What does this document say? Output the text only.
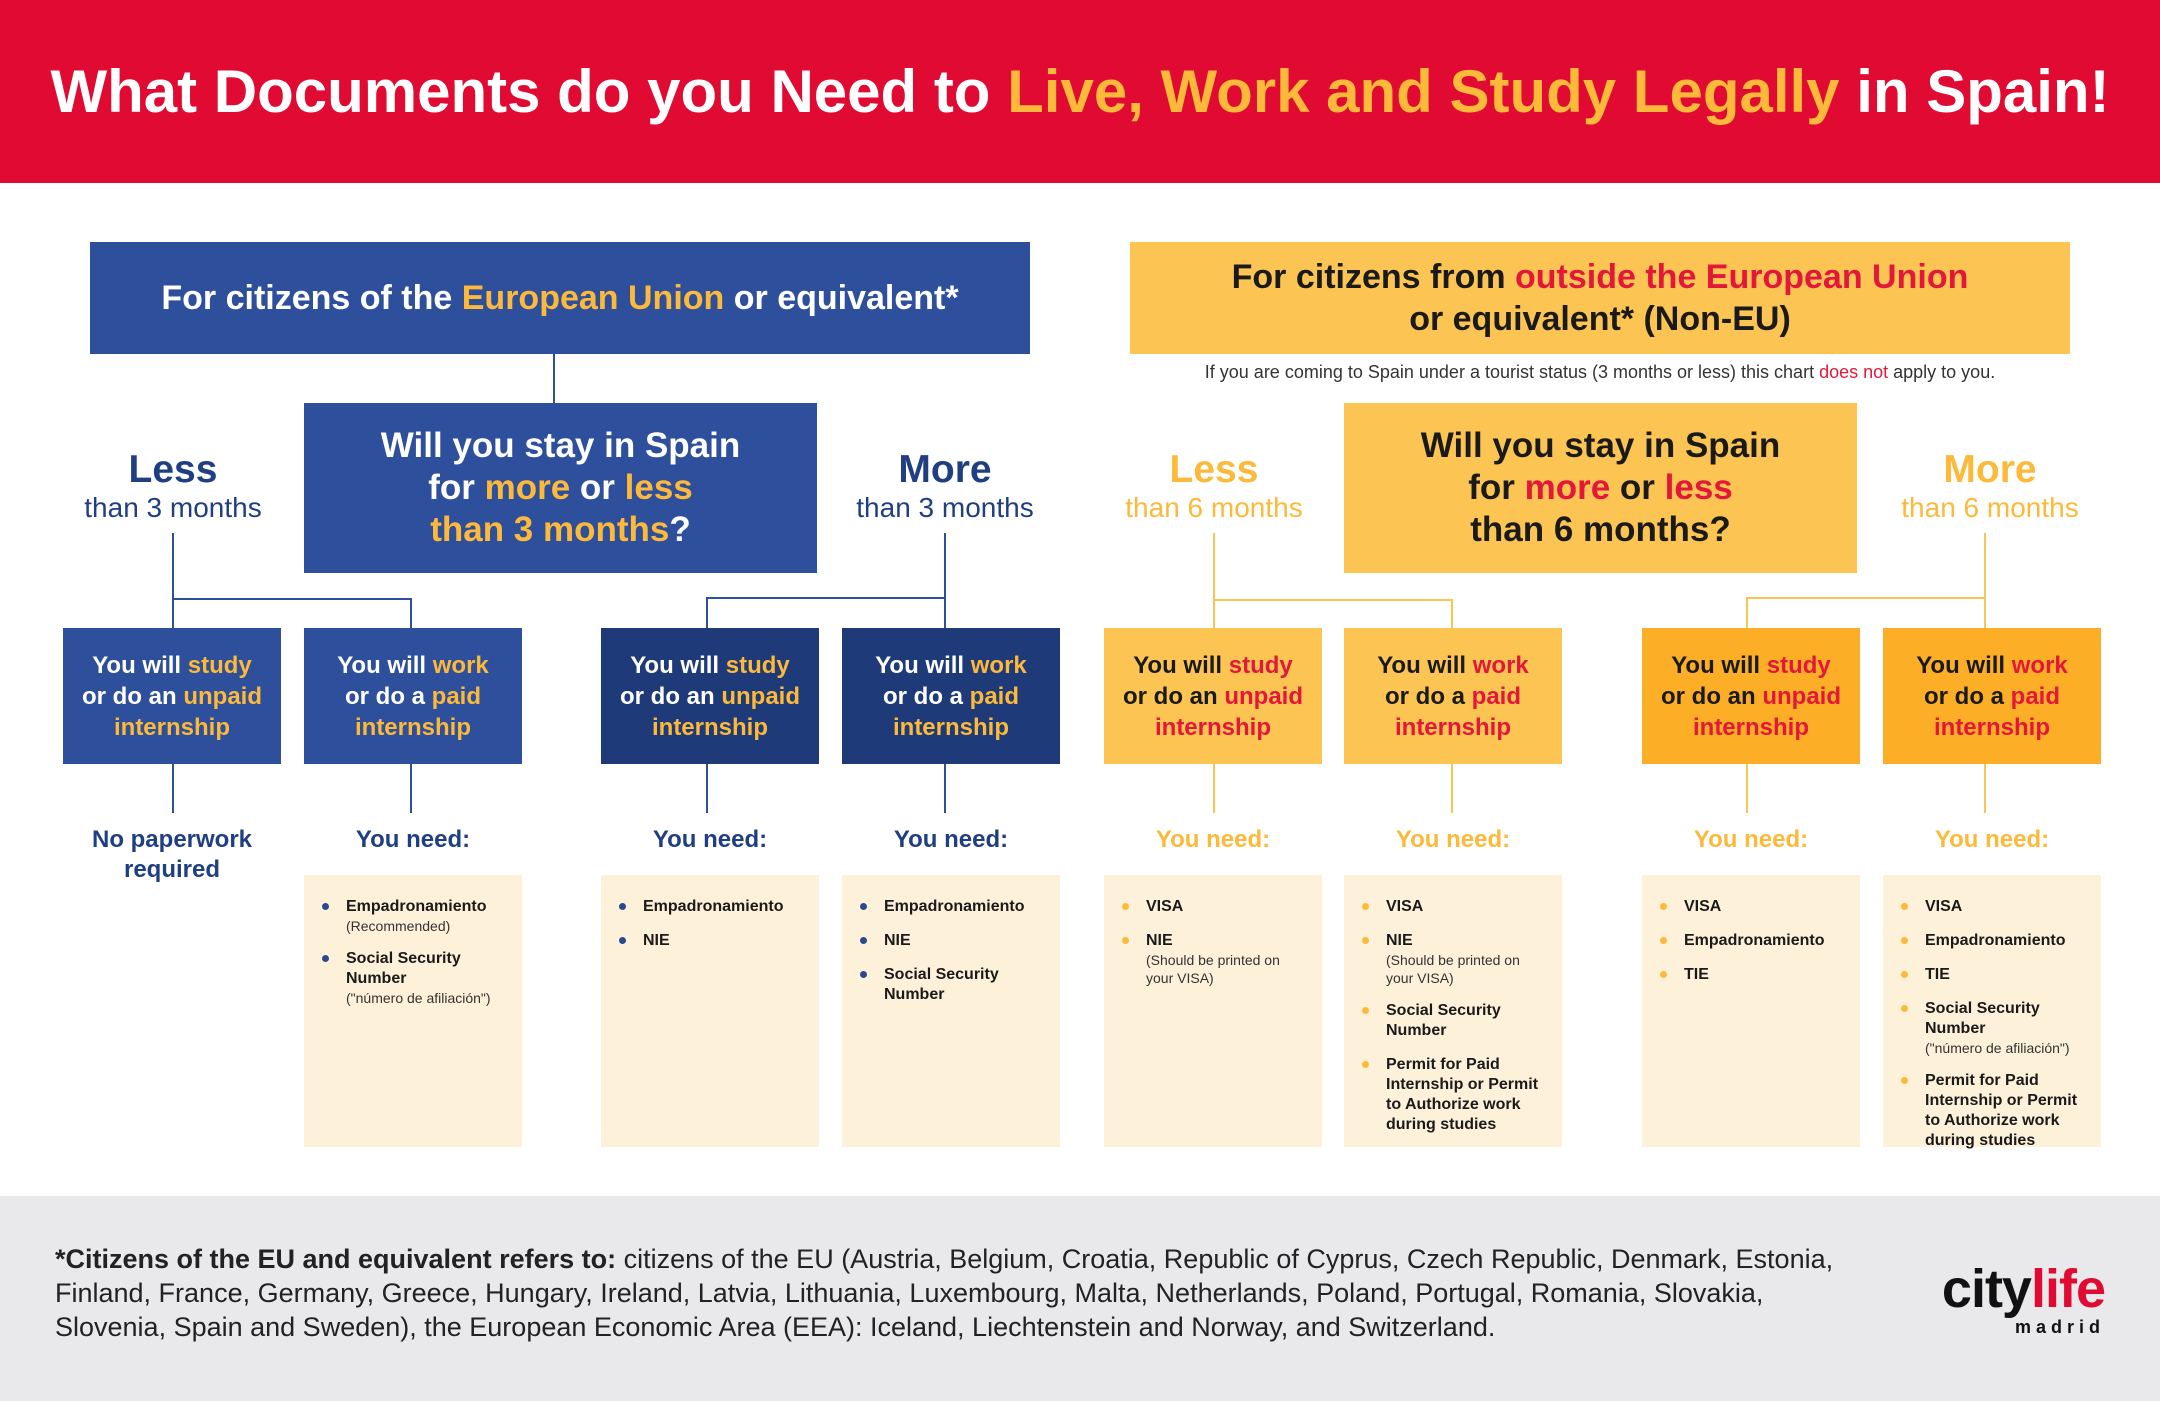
What Documents do you Need to Live, Work and Study Legally in Spain!
For citizens of the European Union or equivalent*
For citizens from outside the European Union
or equivalent* (Non-EU)
If you are coming to Spain under a tourist status (3 months or less) this chart does not apply to you.
Will you stay in Spain
for more or less
than 3 months?
Will you stay in Spain
for more or less
than 6 months?
Less
than 3 months
More
than 3 months
Less
than 6 months
More
than 6 months
You will study
or do an unpaid
internship
You will work
or do a paid
internship
You will study
or do an unpaid
internship
You will work
or do a paid
internship
You will study
or do an unpaid
internship
You will work
or do a paid
internship
You will study
or do an unpaid
internship
You will work
or do a paid
internship
No paperwork required
You need:	You need:	You need:	You need:	You need:	You need:	You need:
Empadronamiento
(Recommended)
Social Security Number
("número de afiliación")
Empadronamiento
NIE
Empadronamiento
NIE
Social Security Number
VISA
NIE
(Should be printed on your VISA)
VISA
NIE
(Should be printed on your VISA)
Social Security Number
Permit for Paid Internship or Permit to Authorize work during studies
VISA
Empadronamiento
TIE
VISA
Empadronamiento
TIE
Social Security Number
("número de afiliación")
Permit for Paid Internship or Permit to Authorize work during studies
*Citizens of the EU and equivalent refers to: citizens of the EU (Austria, Belgium, Croatia, Republic of Cyprus, Czech Republic, Denmark, Estonia, Finland, France, Germany, Greece, Hungary, Ireland, Latvia, Lithuania, Luxembourg, Malta, Netherlands, Poland, Portugal, Romania, Slovakia, Slovenia, Spain and Sweden), the European Economic Area (EEA): Iceland, Liechtenstein and Norway, and Switzerland.
citylife
madrid
